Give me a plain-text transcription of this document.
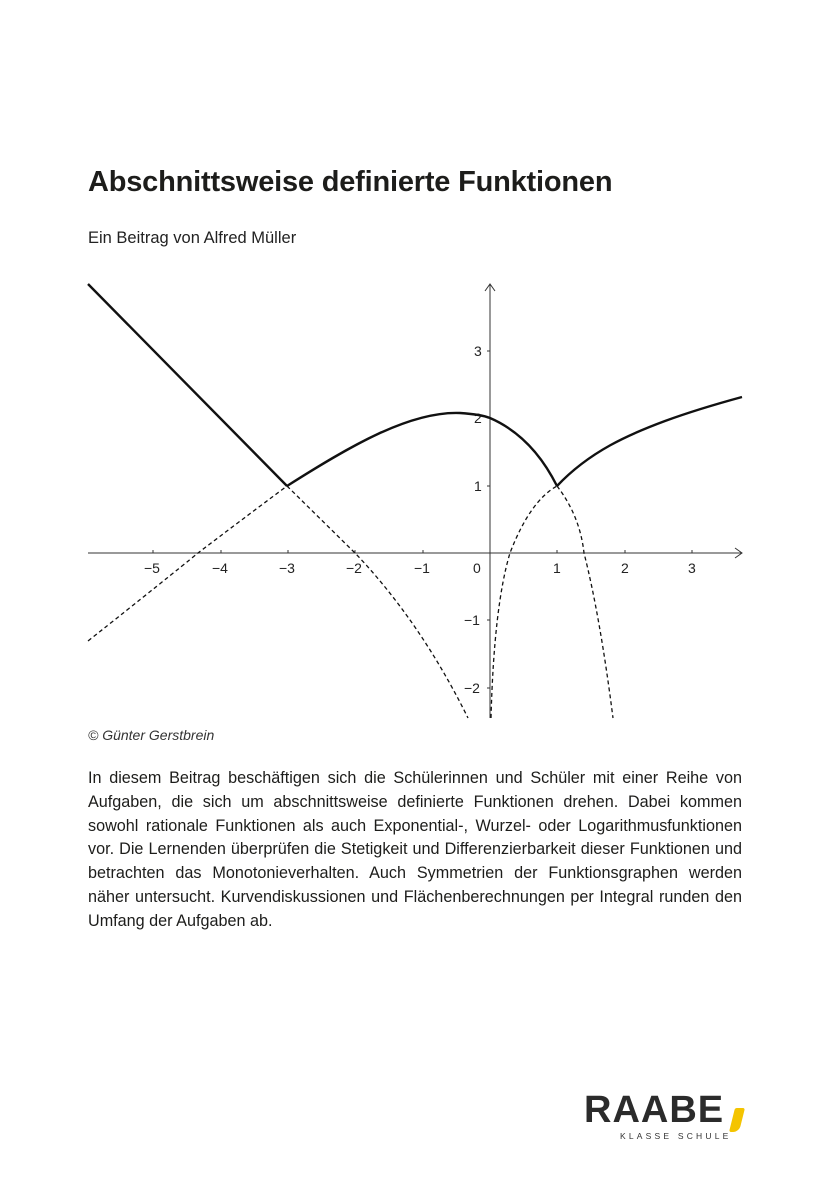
Abschnittsweise definierte Funktionen
Ein Beitrag von Alfred Müller
−5	−4	−3	−2	−1	0	1	2	3
3
2
1
−1
−2
© Günter Gerstbrein

In diesem Beitrag beschäftigen sich die Schülerinnen und Schüler mit einer Reihe von Aufgaben, die sich um abschnittsweise definierte Funktionen drehen. Dabei kommen sowohl rationale Funktionen als auch Exponential-, Wurzel- oder Logarithmusfunktionen vor. Die Lernenden überprüfen die Stetigkeit und Differenzierbarkeit dieser Funktionen und betrachten das Monotonieverhalten. Auch Symmetrien der Funktionsgraphen werden näher untersucht. Kurvendiskussionen und Flächenberechnungen per Integral runden den Umfang der Aufgaben ab.

RAABE
KLASSE SCHULE
